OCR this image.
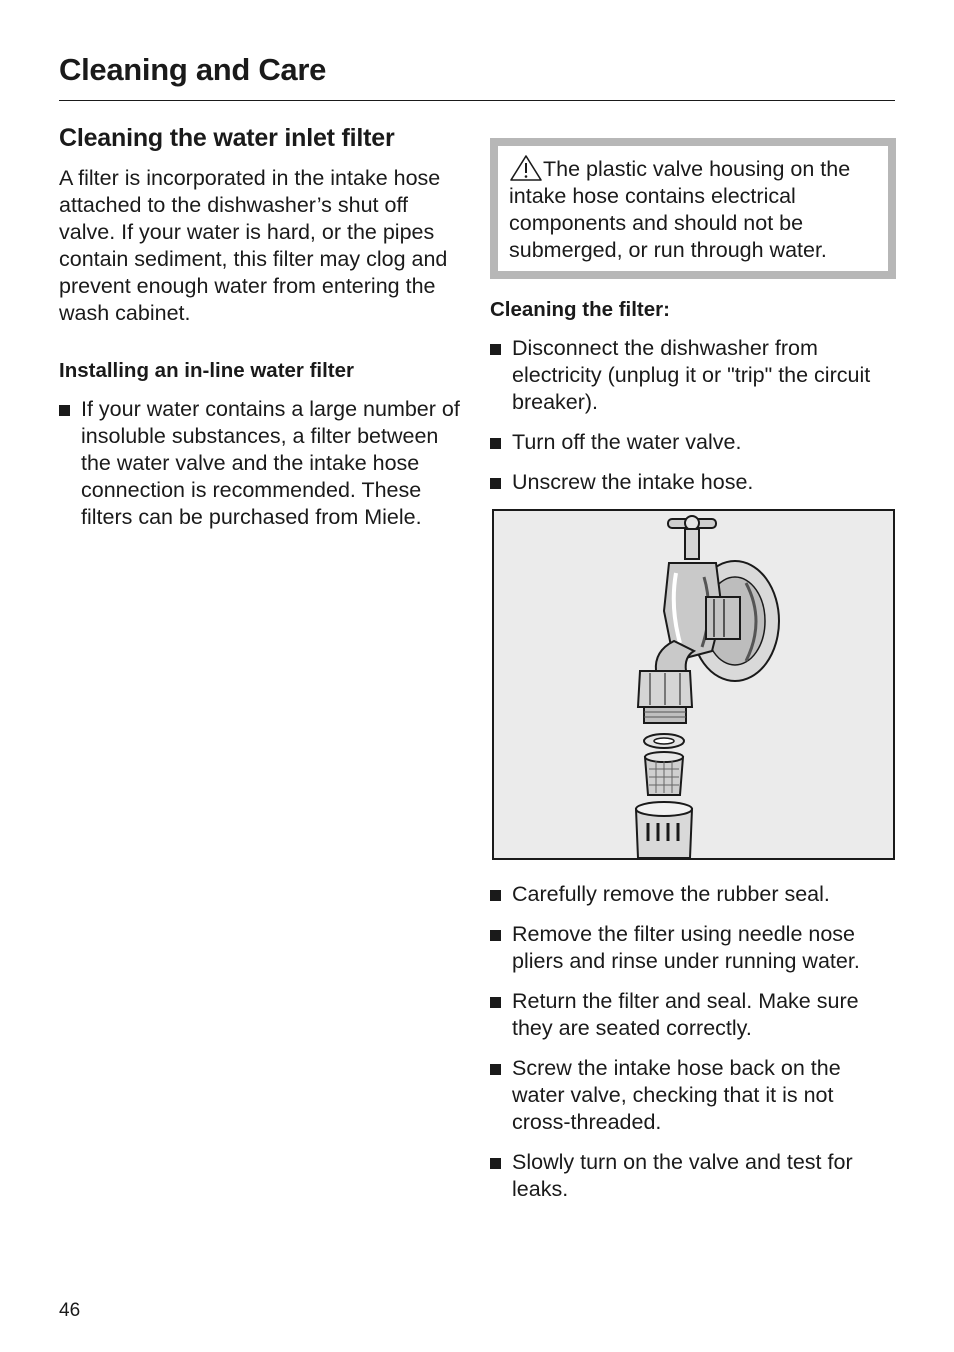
Cleaning and Care
Cleaning the water inlet filter

A filter is incorporated in the intake hose attached to the dishwasher’s shut off valve. If your water is hard, or the pipes contain sediment, this filter may clog and prevent enough water from entering the wash cabinet.

Installing an in-line water filter
If your water contains a large number of insoluble substances, a filter between the water valve and the intake hose connection is recommended. These filters can be purchased from Miele.
The plastic valve housing on the intake hose contains electrical components and should not be submerged, or run through water.
Cleaning the filter:
Disconnect the dishwasher from electricity (unplug it or "trip" the circuit breaker).
Turn off the water valve.
Unscrew the intake hose.
Carefully remove the rubber seal.
Remove the filter using needle nose pliers and rinse under running water.
Return the filter and seal. Make sure they are seated correctly.
Screw the intake hose back on the water valve, checking that it is not cross-threaded.
Slowly turn on the valve and test for leaks.
46
